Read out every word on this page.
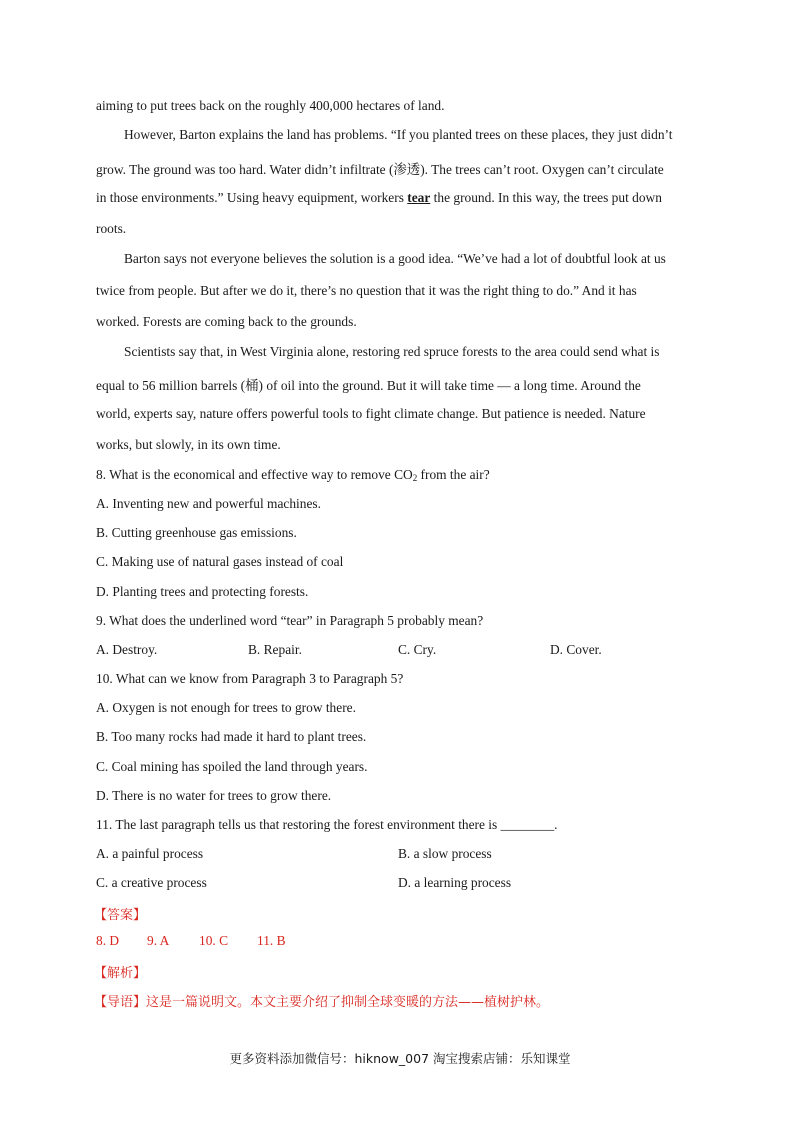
aiming to put trees back on the roughly 400,000 hectares of land.
However, Barton explains the land has problems. “If you planted trees on these places, they just didn’t
grow. The ground was too hard. Water didn’t infiltrate (渗透). The trees can’t root. Oxygen can’t circulate
in those environments.” Using heavy equipment, workers tear the ground. In this way, the trees put down
roots.
Barton says not everyone believes the solution is a good idea. “We’ve had a lot of doubtful look at us
twice from people. But after we do it, there’s no question that it was the right thing to do.” And it has
worked. Forests are coming back to the grounds.
Scientists say that, in West Virginia alone, restoring red spruce forests to the area could send what is
equal to 56 million barrels (桶) of oil into the ground. But it will take time — a long time. Around the
world, experts say, nature offers powerful tools to fight climate change. But patience is needed. Nature
works, but slowly, in its own time.
8. What is the economical and effective way to remove $CO_2$ from the air?
A. Inventing new and powerful machines.
B. Cutting greenhouse gas emissions.
C. Making use of natural gases instead of coal
D. Planting trees and protecting forests.
9. What does the underlined word “tear” in Paragraph 5 probably mean?
A. Destroy.	B. Repair.	C. Cry.	D. Cover.
10. What can we know from Paragraph 3 to Paragraph 5?
A. Oxygen is not enough for trees to grow there.
B. Too many rocks had made it hard to plant trees.
C. Coal mining has spoiled the land through years.
D. There is no water for trees to grow there.
11. The last paragraph tells us that restoring the forest environment there is ________.
A. a painful process	B. a slow process
C. a creative process	D. a learning process
【答案】
8. D 9. A 10. C 11. B
【解析】
【导语】这是一篇说明文。本文主要介绍了抑制全球变暖的方法——植树护林。
更多资料添加微信号：hiknow_007 淘宝搜索店铺：乐知课堂
